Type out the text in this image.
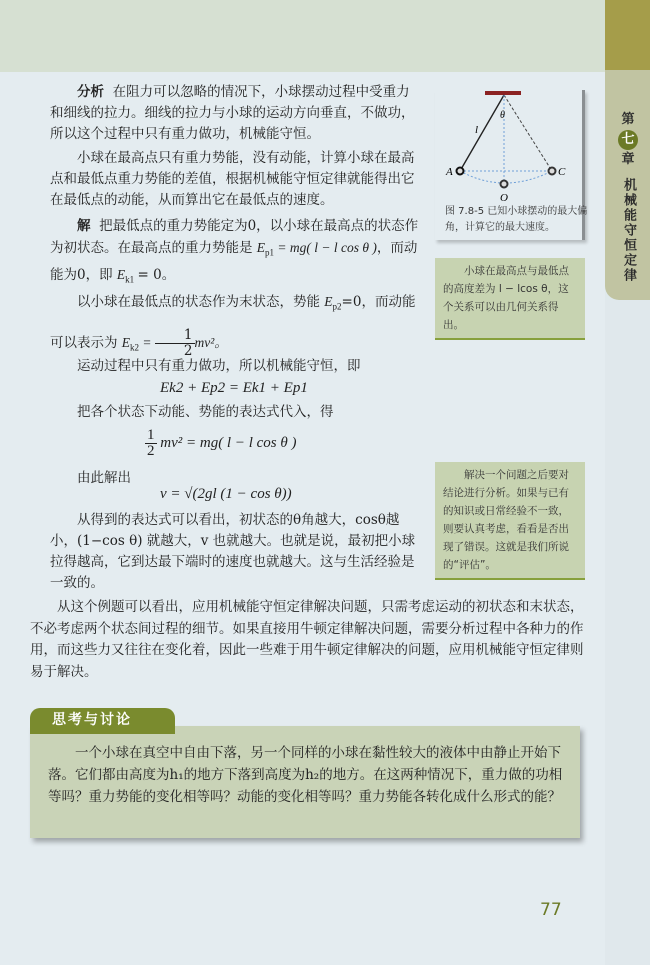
第
七
章
机械能守恒定律
分析 在阻力可以忽略的情况下，小球摆动过程中受重力和细线的拉力。细线的拉力与小球的运动方向垂直，不做功，所以这个过程中只有重力做功，机械能守恒。
小球在最高点只有重力势能，没有动能，计算小球在最高点和最低点重力势能的差值，根据机械能守恒定律就能得出它在最低点的动能，从而算出它在最低点的速度。
解 把最低点的重力势能定为0，以小球在最高点的状态作为初状态。在最高点的重力势能是 $E_{p1} = mg$( l − l cos θ )，而动能为0，即 $E_{k1} = 0$。
以小球在最低点的状态作为末状态，势能 $E_{p2}=0$，而动能可以表示为 $E_{k2} = \frac{1}{2} mv^2$。
运动过程中只有重力做功，所以机械能守恒，即
Ek2 + Ep2 = Ek1 + Ep1
把各个状态下动能、势能的表达式代入，得
$\frac{1}{2} mv^2 = mg$( l − l cos θ )
由此解出
v = √(2gl (1 − cos θ))
从得到的表达式可以看出，初状态的θ角越大，cosθ越小，(1−cos θ) 就越大，v 也就越大。也就是说，最初把小球拉得越高，它到达最下端时的速度也就越大。这与生活经验是一致的。
A	C
O
l
θ
图 7.8-5 已知小球摆动的最大偏角，计算它的最大速度。
小球在最高点与最低点的高度差为 l − lcos θ，这个关系可以由几何关系得出。
解决一个问题之后要对结论进行分析。如果与已有的知识或日常经验不一致，则要认真考虑，看看是否出现了错误。这就是我们所说的“评估”。
从这个例题可以看出，应用机械能守恒定律解决问题，只需考虑运动的初状态和末状态，不必考虑两个状态间过程的细节。如果直接用牛顿定律解决问题，需要分析过程中各种力的作用，而这些力又往往在变化着，因此一些难于用牛顿定律解决的问题，应用机械能守恒定律则易于解决。
思考与讨论
一个小球在真空中自由下落，另一个同样的小球在黏性较大的液体中由静止开始下落。它们都由高度为h₁的地方下落到高度为h₂的地方。在这两种情况下，重力做的功相等吗？重力势能的变化相等吗？动能的变化相等吗？重力势能各转化成什么形式的能？
77
